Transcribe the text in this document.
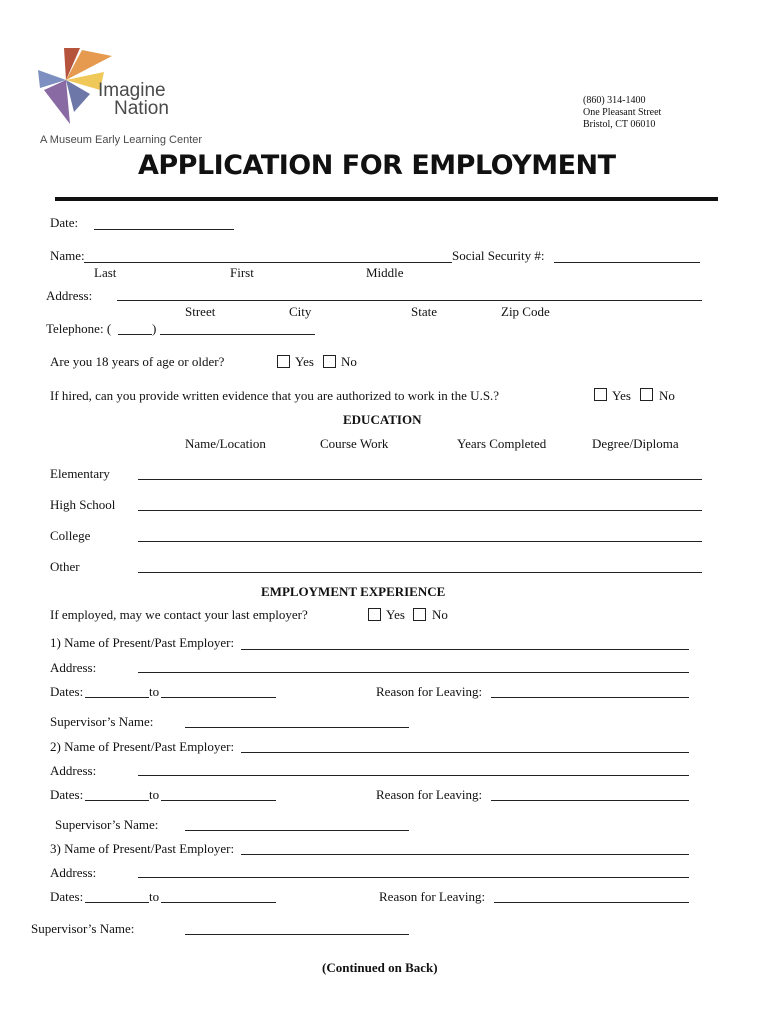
Imagine
Nation
A Museum Early Learning Center
(860) 314-1400
One Pleasant Street
Bristol, CT 06010
APPLICATION FOR EMPLOYMENT
Date:
Name:	Social Security #:
Last	First	Middle
Address:
Street	City	State	Zip Code
Telephone: (	)
Are you 18 years of age or older?	Yes No
If hired, can you provide written evidence that you are authorized to work in the U.S.?	Yes No
EDUCATION
Name/Location	Course Work	Years Completed	Degree/Diploma
Elementary
High School
College
Other
EMPLOYMENT EXPERIENCE
If employed, may we contact your last employer?	Yes No
1) Name of Present/Past Employer:
Address:
Dates:	to	Reason for Leaving:
Supervisor’s Name:
2) Name of Present/Past Employer:
Address:
Dates:	to	Reason for Leaving:
Supervisor’s Name:
3) Name of Present/Past Employer:
Address:
Dates:	to	Reason for Leaving:
Supervisor’s Name:
(Continued on Back)
